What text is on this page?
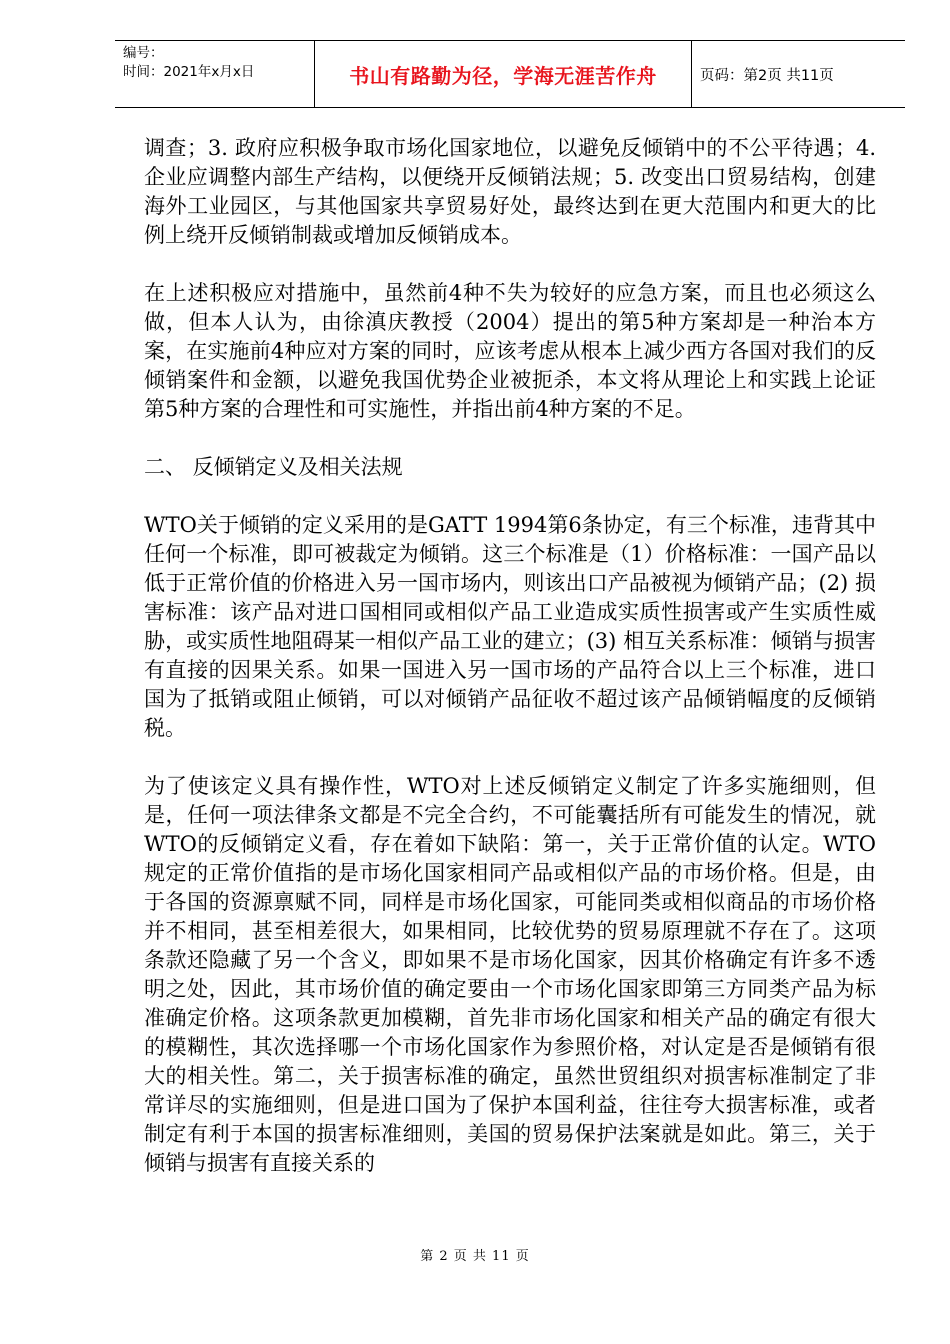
编号：
时间：2021年x月x日	书山有路勤为径，学海无涯苦作舟	页码：第2页 共11页

调查；3. 政府应积极争取市场化国家地位，以避免反倾销中的不公平待遇；4. 企业应调整内部生产结构，以便绕开反倾销法规；5. 改变出口贸易结构，创建海外工业园区，与其他国家共享贸易好处，最终达到在更大范围内和更大的比例上绕开反倾销制裁或增加反倾销成本。

在上述积极应对措施中，虽然前4种不失为较好的应急方案，而且也必须这么做，但本人认为，由徐滇庆教授（2004）提出的第5种方案却是一种治本方案，在实施前4种应对方案的同时，应该考虑从根本上减少西方各国对我们的反倾销案件和金额，以避免我国优势企业被扼杀，本文将从理论上和实践上论证第5种方案的合理性和可实施性，并指出前4种方案的不足。

二、 反倾销定义及相关法规

WTO关于倾销的定义采用的是GATT 1994第6条协定，有三个标准，违背其中任何一个标准，即可被裁定为倾销。这三个标准是（1）价格标准：一国产品以低于正常价值的价格进入另一国市场内，则该出口产品被视为倾销产品；(2) 损害标准：该产品对进口国相同或相似产品工业造成实质性损害或产生实质性威胁，或实质性地阻碍某一相似产品工业的建立；(3) 相互关系标准：倾销与损害有直接的因果关系。如果一国进入另一国市场的产品符合以上三个标准，进口国为了抵销或阻止倾销，可以对倾销产品征收不超过该产品倾销幅度的反倾销税。

为了使该定义具有操作性，WTO对上述反倾销定义制定了许多实施细则，但是，任何一项法律条文都是不完全合约，不可能囊括所有可能发生的情况，就WTO的反倾销定义看，存在着如下缺陷：第一，关于正常价值的认定。WTO规定的正常价值指的是市场化国家相同产品或相似产品的市场价格。但是，由于各国的资源禀赋不同，同样是市场化国家，可能同类或相似商品的市场价格并不相同，甚至相差很大，如果相同，比较优势的贸易原理就不存在了。这项条款还隐藏了另一个含义，即如果不是市场化国家，因其价格确定有许多不透明之处，因此，其市场价值的确定要由一个市场化国家即第三方同类产品为标准确定价格。这项条款更加模糊，首先非市场化国家和相关产品的确定有很大的模糊性，其次选择哪一个市场化国家作为参照价格，对认定是否是倾销有很大的相关性。第二，关于损害标准的确定，虽然世贸组织对损害标准制定了非常详尽的实施细则，但是进口国为了保护本国利益，往往夸大损害标准，或者制定有利于本国的损害标准细则，美国的贸易保护法案就是如此。第三，关于倾销与损害有直接关系的

第 2 页 共 11 页
